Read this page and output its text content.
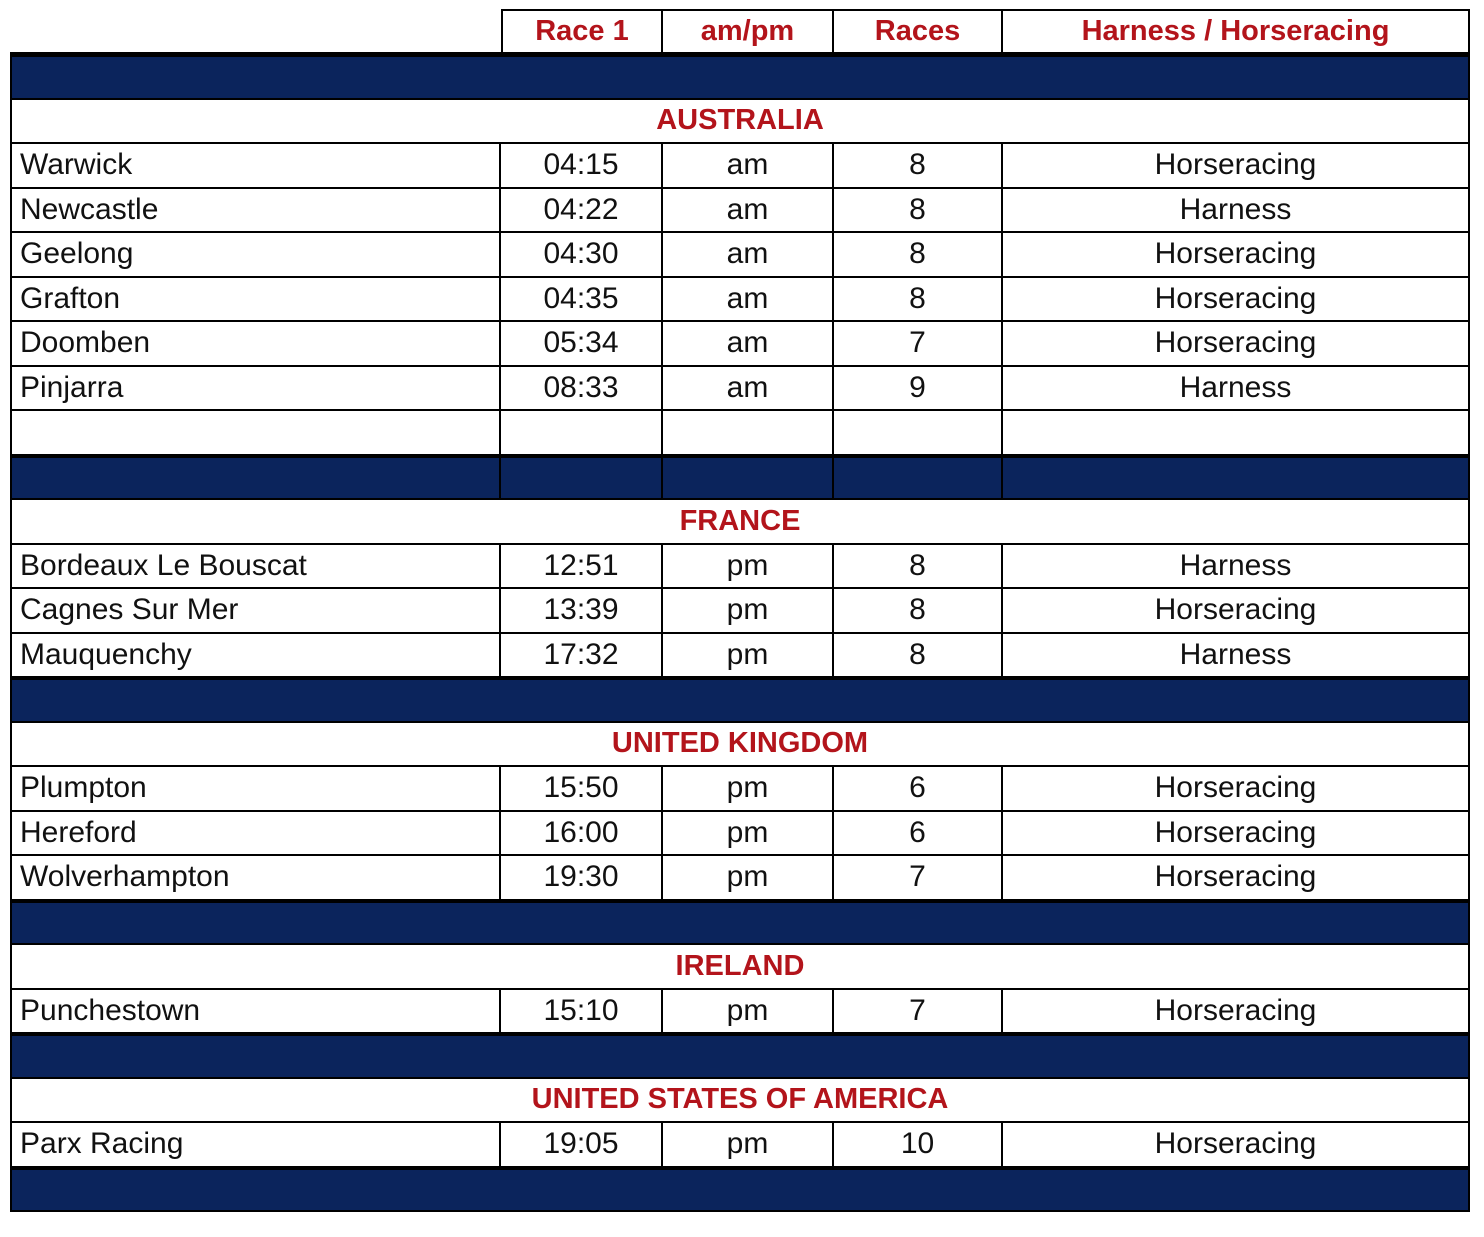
Race 1	am/pm	Races	Harness / Horseracing
AUSTRALIA
Warwick	04:15	am	8	Horseracing
Newcastle	04:22	am	8	Harness
Geelong	04:30	am	8	Horseracing
Grafton	04:35	am	8	Horseracing
Doomben	05:34	am	7	Horseracing
Pinjarra	08:33	am	9	Harness
FRANCE
Bordeaux Le Bouscat	12:51	pm	8	Harness
Cagnes Sur Mer	13:39	pm	8	Horseracing
Mauquenchy	17:32	pm	8	Harness
UNITED KINGDOM
Plumpton	15:50	pm	6	Horseracing
Hereford	16:00	pm	6	Horseracing
Wolverhampton	19:30	pm	7	Horseracing
IRELAND
Punchestown	15:10	pm	7	Horseracing
UNITED STATES OF AMERICA
Parx Racing	19:05	pm	10	Horseracing
